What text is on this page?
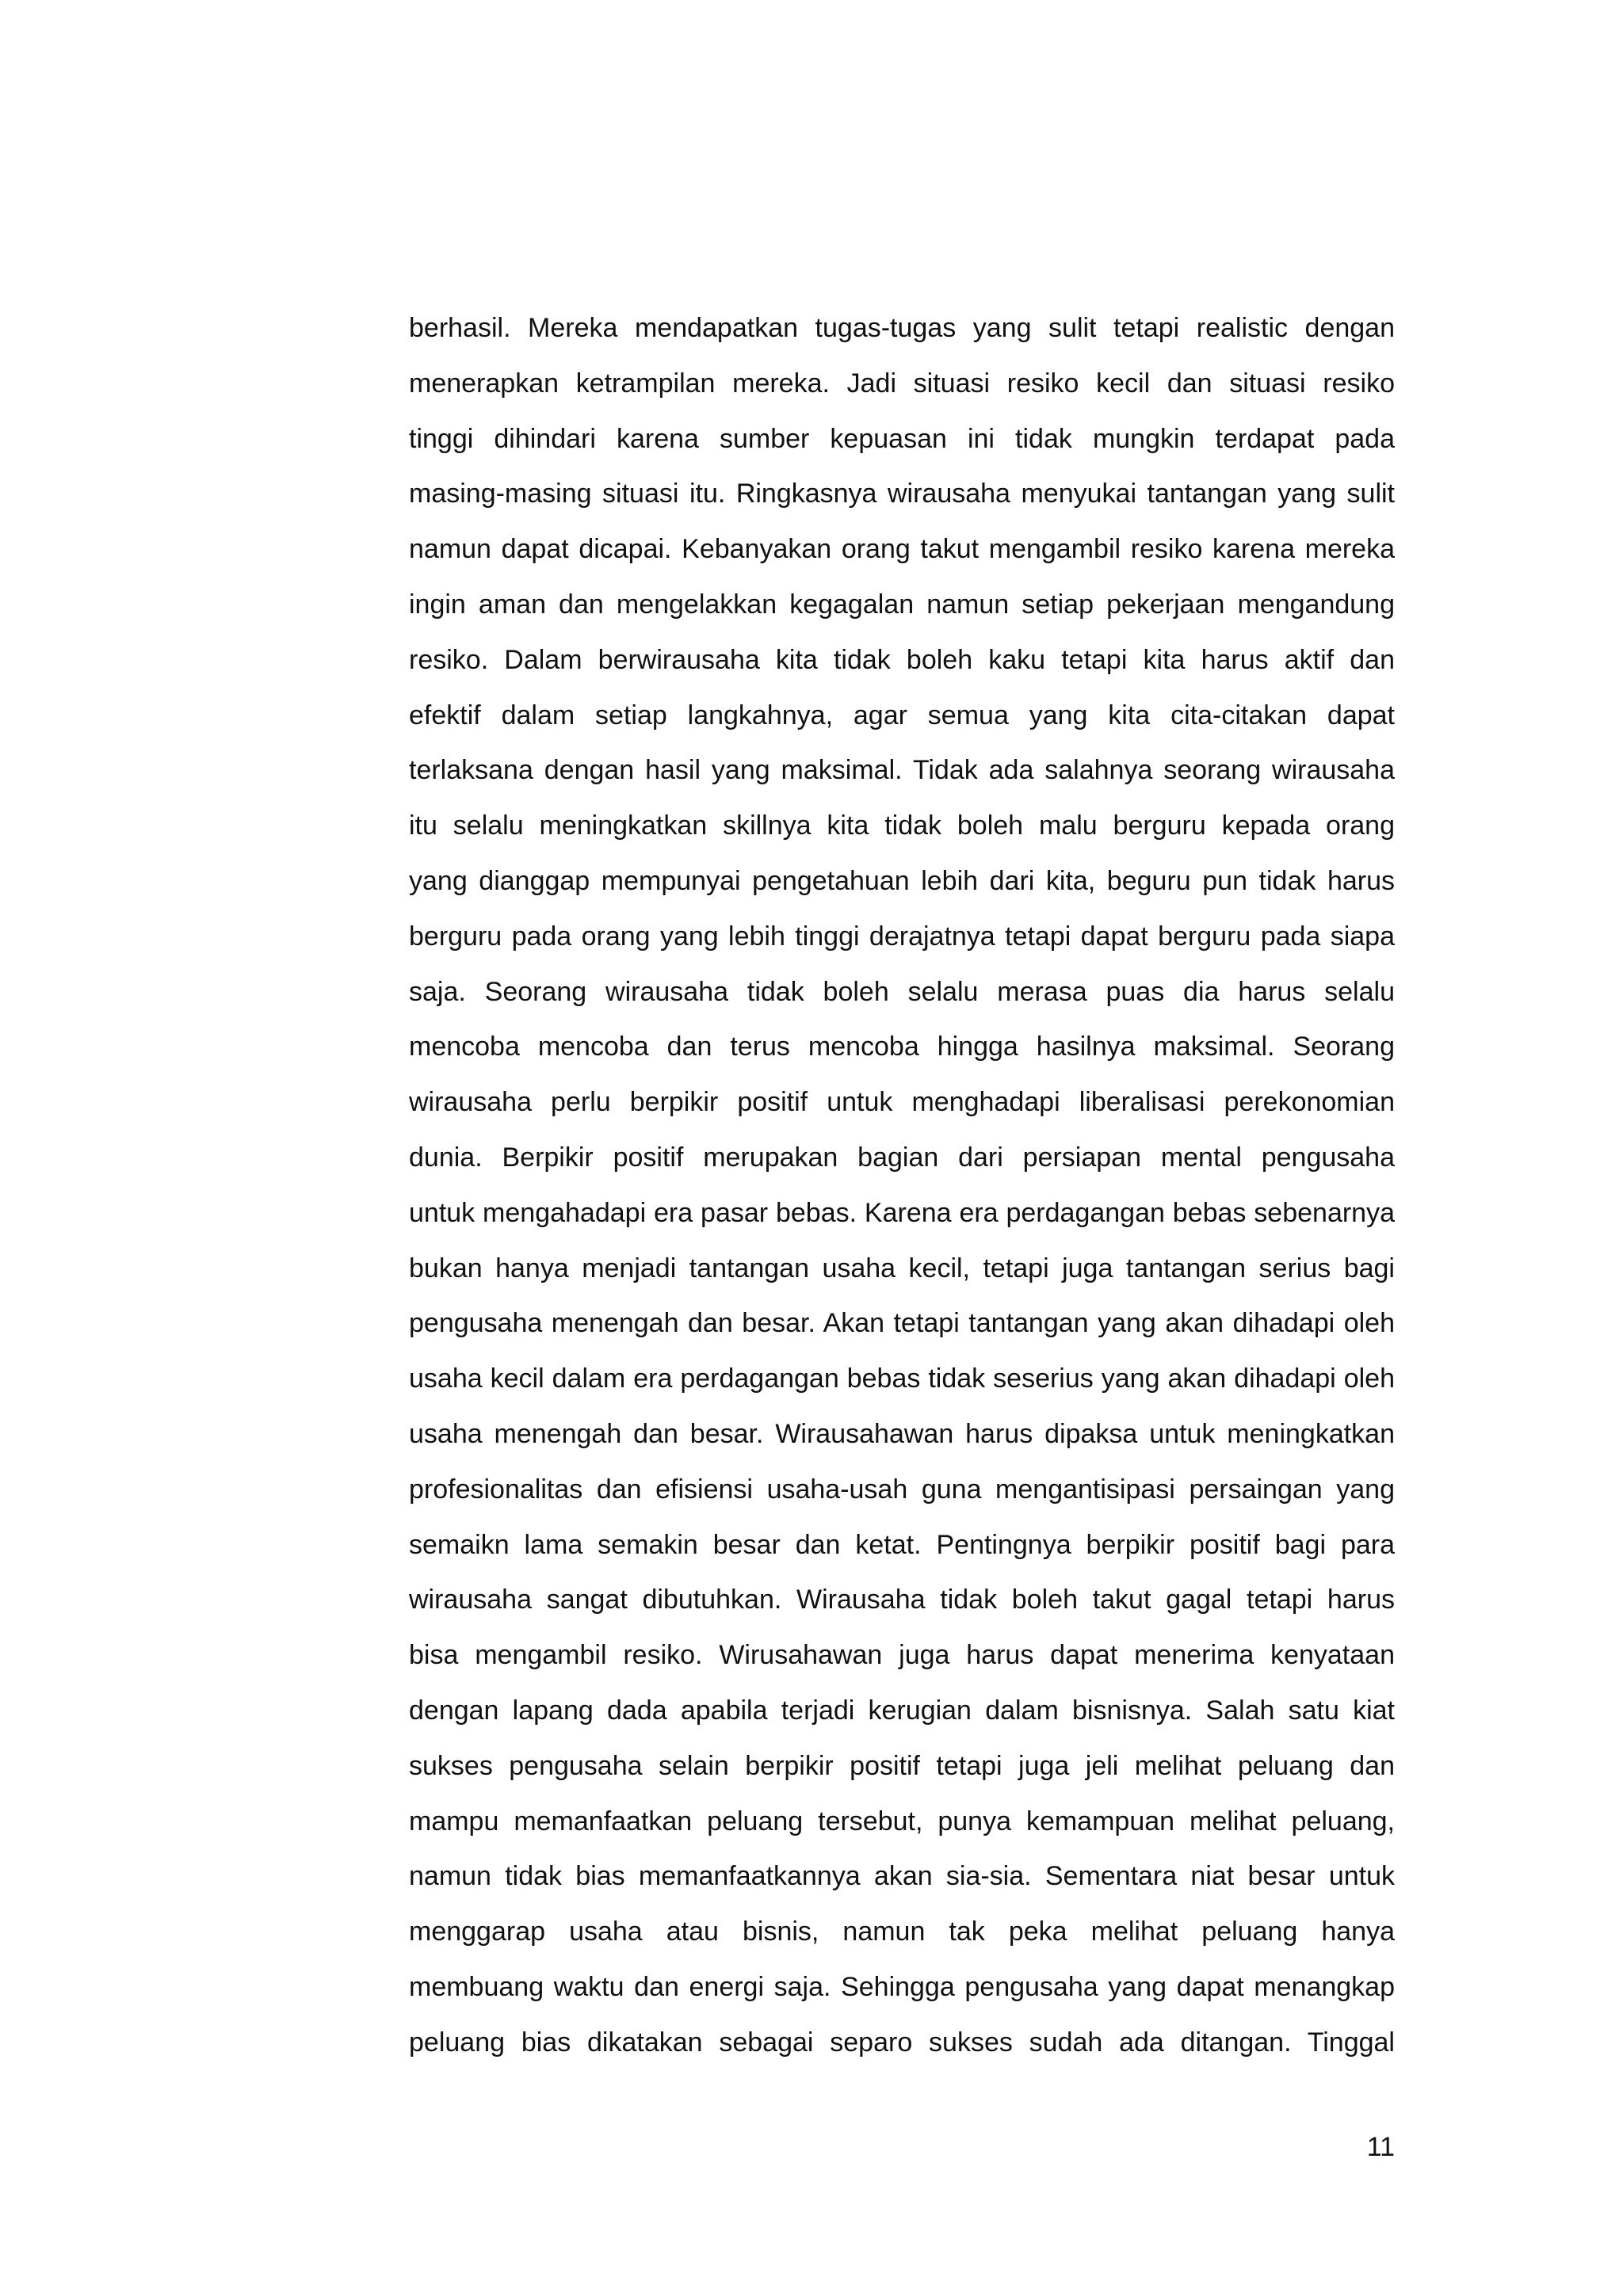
berhasil. Mereka mendapatkan tugas-tugas yang sulit tetapi realistic dengan
menerapkan ketrampilan mereka. Jadi situasi resiko kecil dan situasi resiko
tinggi dihindari karena sumber kepuasan ini tidak mungkin terdapat pada
masing-masing situasi itu. Ringkasnya wirausaha menyukai tantangan yang sulit
namun dapat dicapai. Kebanyakan orang takut mengambil resiko karena mereka
ingin aman dan mengelakkan kegagalan namun setiap pekerjaan mengandung
resiko. Dalam berwirausaha kita tidak boleh kaku tetapi kita harus aktif dan
efektif dalam setiap langkahnya, agar semua yang kita cita-citakan dapat
terlaksana dengan hasil yang maksimal. Tidak ada salahnya seorang wirausaha
itu selalu meningkatkan skillnya kita tidak boleh malu berguru kepada orang
yang dianggap mempunyai pengetahuan lebih dari kita, beguru pun tidak harus
berguru pada orang yang lebih tinggi derajatnya tetapi dapat berguru pada siapa
saja. Seorang wirausaha tidak boleh selalu merasa puas dia harus selalu
mencoba mencoba dan terus mencoba hingga hasilnya maksimal. Seorang
wirausaha perlu berpikir positif untuk menghadapi liberalisasi perekonomian
dunia. Berpikir positif merupakan bagian dari persiapan mental pengusaha
untuk mengahadapi era pasar bebas. Karena era perdagangan bebas sebenarnya
bukan hanya menjadi tantangan usaha kecil, tetapi juga tantangan serius bagi
pengusaha menengah dan besar. Akan tetapi tantangan yang akan dihadapi oleh
usaha kecil dalam era perdagangan bebas tidak seserius yang akan dihadapi oleh
usaha menengah dan besar. Wirausahawan harus dipaksa untuk meningkatkan
profesionalitas dan efisiensi usaha-usah guna mengantisipasi persaingan yang
semaikn lama semakin besar dan ketat. Pentingnya berpikir positif bagi para
wirausaha sangat dibutuhkan. Wirausaha tidak boleh takut gagal tetapi harus
bisa mengambil resiko. Wirusahawan juga harus dapat menerima kenyataan
dengan lapang dada apabila terjadi kerugian dalam bisnisnya. Salah satu kiat
sukses pengusaha selain berpikir positif tetapi juga jeli melihat peluang dan
mampu memanfaatkan peluang tersebut, punya kemampuan melihat peluang,
namun tidak bias memanfaatkannya akan sia-sia. Sementara niat besar untuk
menggarap usaha atau bisnis, namun tak peka melihat peluang hanya
membuang waktu dan energi saja. Sehingga pengusaha yang dapat menangkap
peluang bias dikatakan sebagai separo sukses sudah ada ditangan. Tinggal
11
